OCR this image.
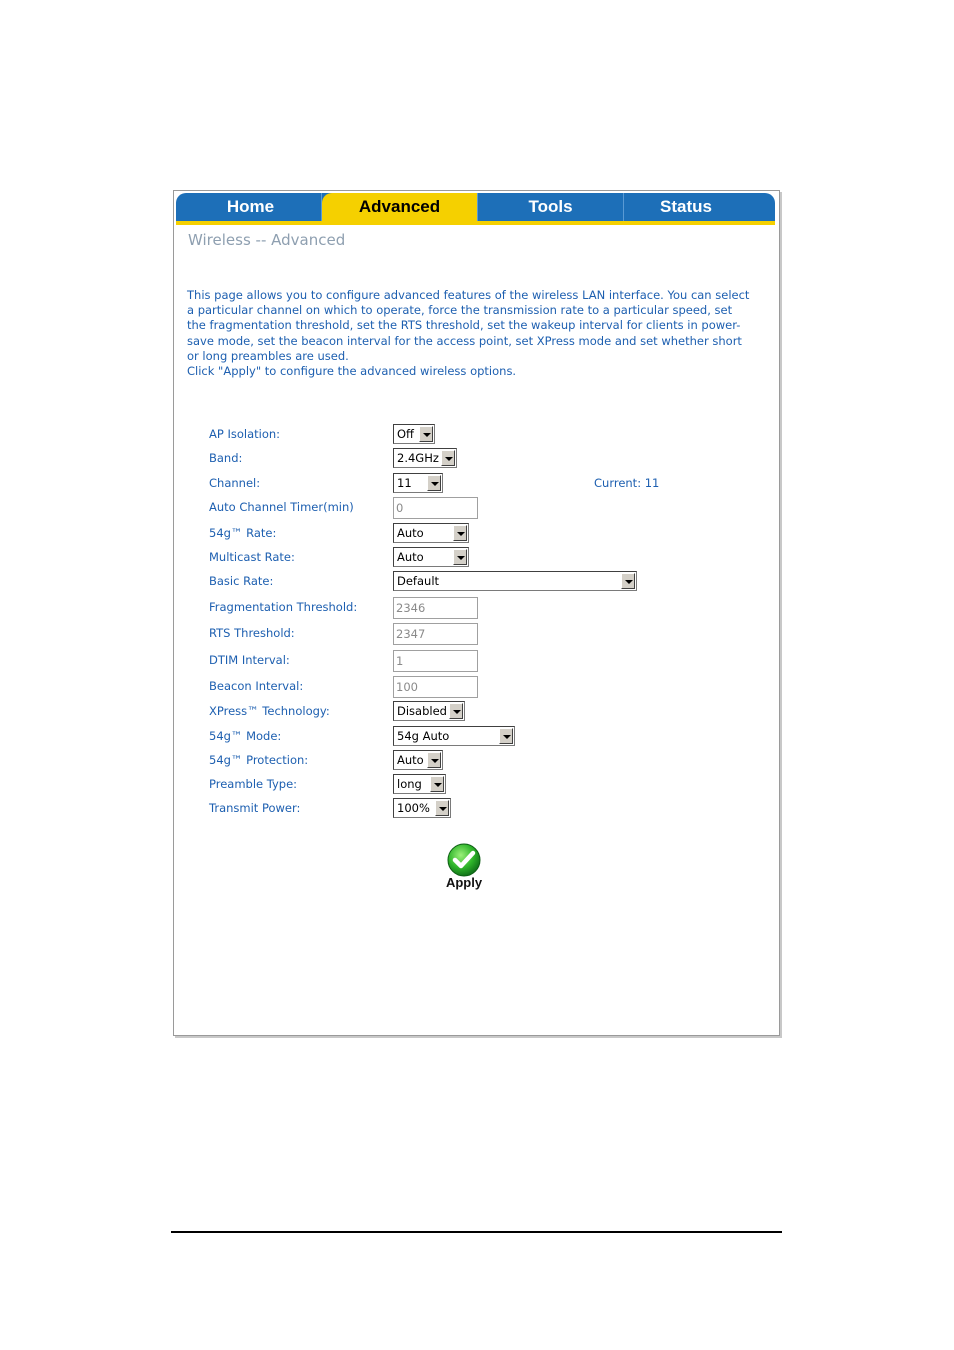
Home	Advanced	Tools	Status
Wireless -- Advanced

This page allows you to configure advanced features of the wireless LAN interface. You can select a particular channel on which to operate, force the transmission rate to a particular speed, set the fragmentation threshold, set the RTS threshold, set the wakeup interval for clients in power-save mode, set the beacon interval for the access point, set XPress mode and set whether short or long preambles are used.

Click "Apply" to configure the advanced wireless options.

AP Isolation:	Off
Band:	2.4GHz
Channel:	11	Current: 11
Auto Channel Timer(min)	0
54g™ Rate:	Auto
Multicast Rate:	Auto
Basic Rate:	Default
Fragmentation Threshold:	2346
RTS Threshold:	2347
DTIM Interval:	1
Beacon Interval:	100
XPress™ Technology:	Disabled
54g™ Mode:	54g Auto
54g™ Protection:	Auto
Preamble Type:	long
Transmit Power:	100%
Apply
